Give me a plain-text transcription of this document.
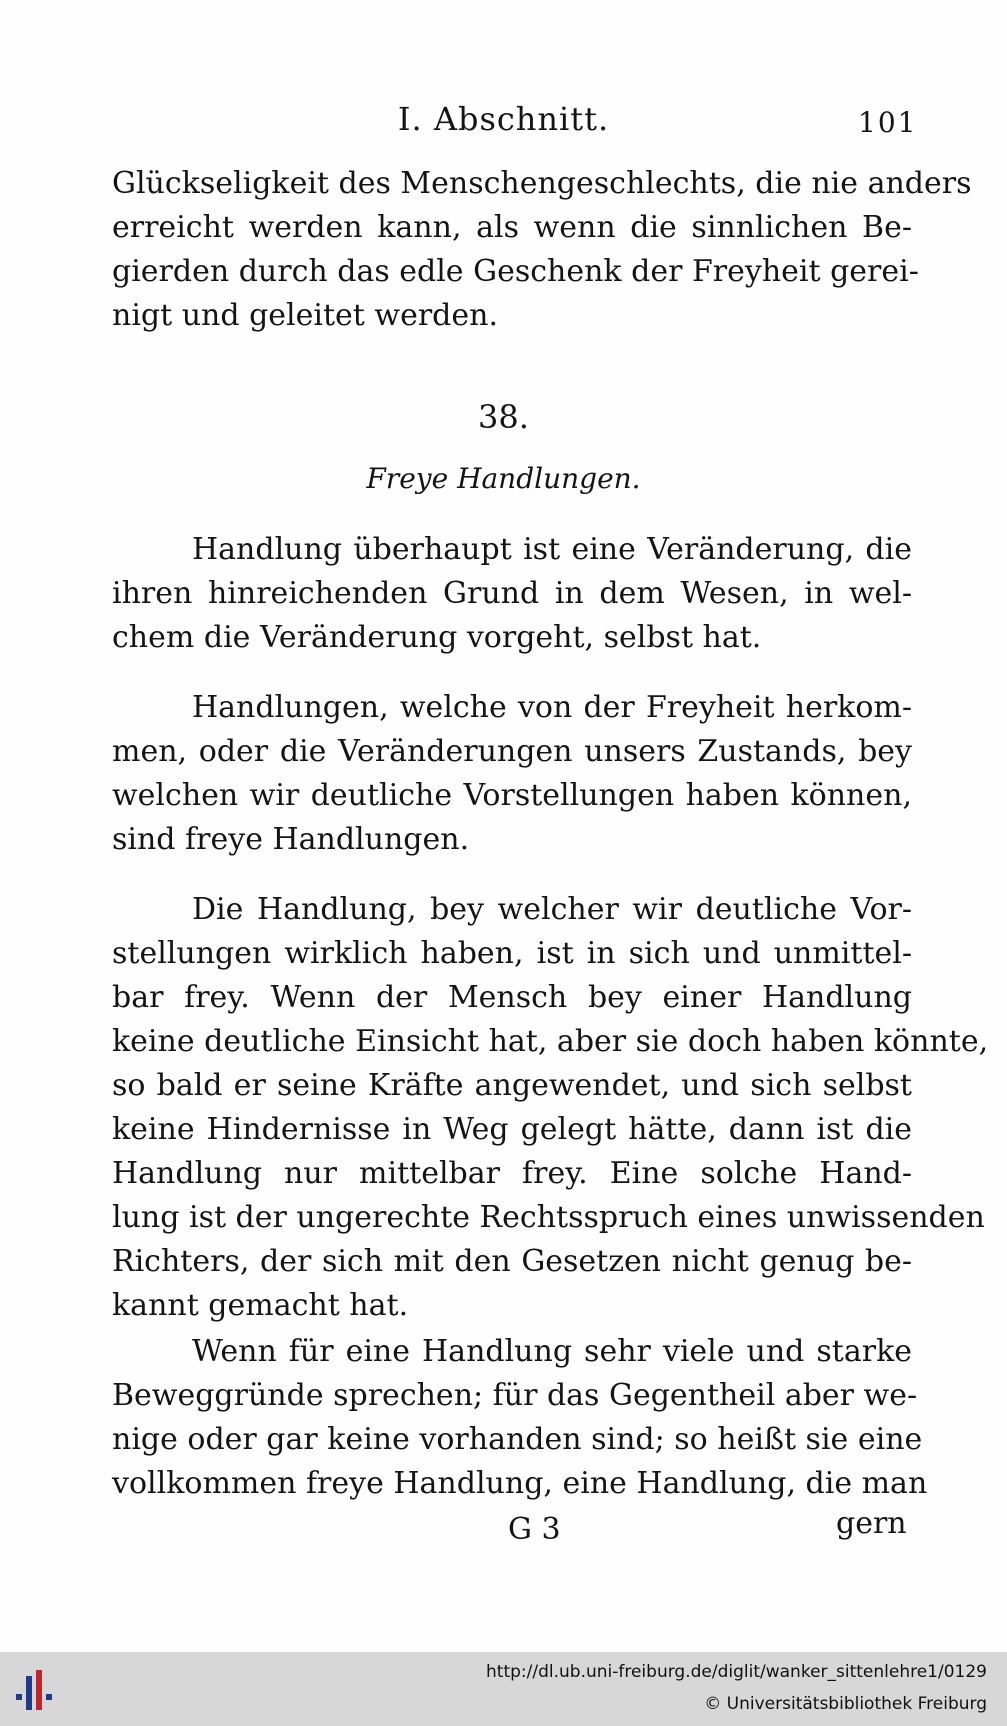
I. Abschnitt.	101
Glückseligkeit des Menschengeschlechts, die nie anders
erreicht werden kann, als wenn die sinnlichen Be-
gierden durch das edle Geschenk der Freyheit gerei-
nigt und geleitet werden.
38.
Freye Handlungen.
Handlung überhaupt ist eine Veränderung, die
ihren hinreichenden Grund in dem Wesen, in wel-
chem die Veränderung vorgeht, selbst hat.
Handlungen, welche von der Freyheit herkom-
men, oder die Veränderungen unsers Zustands, bey
welchen wir deutliche Vorstellungen haben können,
sind freye Handlungen.
Die Handlung, bey welcher wir deutliche Vor-
stellungen wirklich haben, ist in sich und unmittel-
bar frey. Wenn der Mensch bey einer Handlung
keine deutliche Einsicht hat, aber sie doch haben könnte,
so bald er seine Kräfte angewendet, und sich selbst
keine Hindernisse in Weg gelegt hätte, dann ist die
Handlung nur mittelbar frey. Eine solche Hand-
lung ist der ungerechte Rechtsspruch eines unwissenden
Richters, der sich mit den Gesetzen nicht genug be-
kannt gemacht hat.
Wenn für eine Handlung sehr viele und starke
Beweggründe sprechen; für das Gegentheil aber we-
nige oder gar keine vorhanden sind; so heißt sie eine
vollkommen freye Handlung, eine Handlung, die man
G 3	gern
http://dl.ub.uni-freiburg.de/diglit/wanker_sittenlehre1/0129
© Universitätsbibliothek Freiburg
